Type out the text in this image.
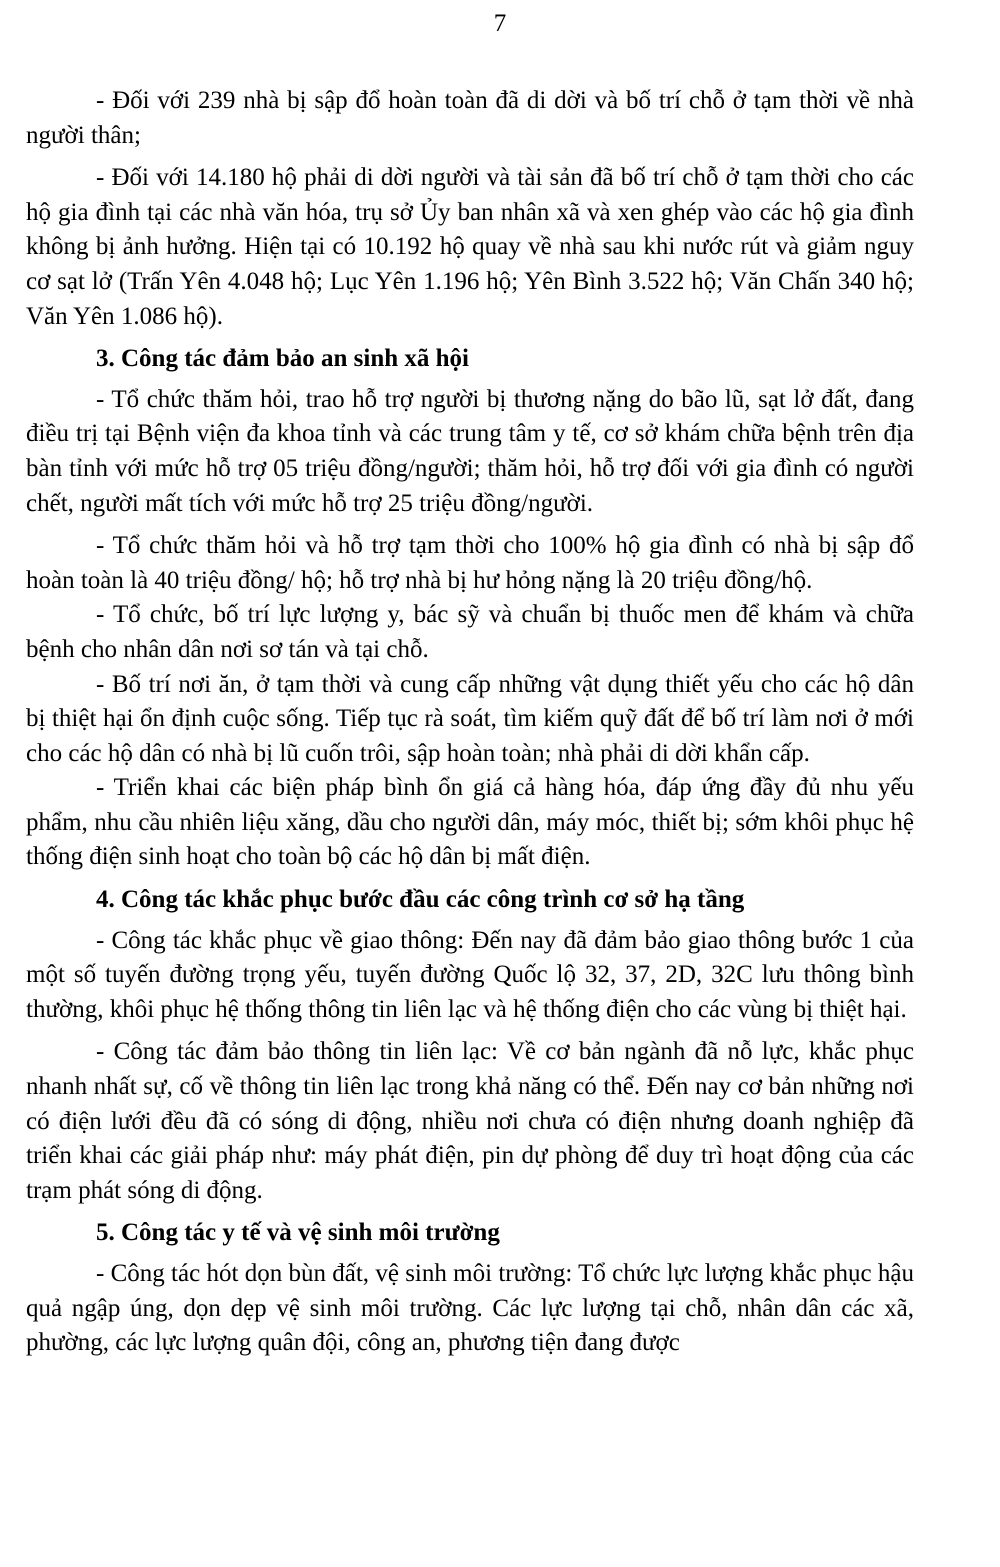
7

- Đối với 239 nhà bị sập đổ hoàn toàn đã di dời và bố trí chỗ ở tạm thời về nhà người thân;

- Đối với 14.180 hộ phải di dời người và tài sản đã bố trí chỗ ở tạm thời cho các hộ gia đình tại các nhà văn hóa, trụ sở Ủy ban nhân xã và xen ghép vào các hộ gia đình không bị ảnh hưởng. Hiện tại có 10.192 hộ quay về nhà sau khi nước rút và giảm nguy cơ sạt lở (Trấn Yên 4.048 hộ; Lục Yên 1.196 hộ; Yên Bình 3.522 hộ; Văn Chấn 340 hộ; Văn Yên 1.086 hộ).

3. Công tác đảm bảo an sinh xã hội

- Tổ chức thăm hỏi, trao hỗ trợ người bị thương nặng do bão lũ, sạt lở đất, đang điều trị tại Bệnh viện đa khoa tỉnh và các trung tâm y tế, cơ sở khám chữa bệnh trên địa bàn tỉnh với mức hỗ trợ 05 triệu đồng/người; thăm hỏi, hỗ trợ đối với gia đình có người chết, người mất tích với mức hỗ trợ 25 triệu đồng/người.

- Tổ chức thăm hỏi và hỗ trợ tạm thời cho 100% hộ gia đình có nhà bị sập đổ hoàn toàn là 40 triệu đồng/ hộ; hỗ trợ nhà bị hư hỏng nặng là 20 triệu đồng/hộ.

- Tổ chức, bố trí lực lượng y, bác sỹ và chuẩn bị thuốc men để khám và chữa bệnh cho nhân dân nơi sơ tán và tại chỗ.

- Bố trí nơi ăn, ở tạm thời và cung cấp những vật dụng thiết yếu cho các hộ dân bị thiệt hại ổn định cuộc sống. Tiếp tục rà soát, tìm kiếm quỹ đất để bố trí làm nơi ở mới cho các hộ dân có nhà bị lũ cuốn trôi, sập hoàn toàn; nhà phải di dời khẩn cấp.

- Triển khai các biện pháp bình ổn giá cả hàng hóa, đáp ứng đầy đủ nhu yếu phẩm, nhu cầu nhiên liệu xăng, dầu cho người dân, máy móc, thiết bị; sớm khôi phục hệ thống điện sinh hoạt cho toàn bộ các hộ dân bị mất điện.

4. Công tác khắc phục bước đầu các công trình cơ sở hạ tầng

- Công tác khắc phục về giao thông: Đến nay đã đảm bảo giao thông bước 1 của một số tuyến đường trọng yếu, tuyến đường Quốc lộ 32, 37, 2D, 32C lưu thông bình thường, khôi phục hệ thống thông tin liên lạc và hệ thống điện cho các vùng bị thiệt hại.

- Công tác đảm bảo thông tin liên lạc: Về cơ bản ngành đã nỗ lực, khắc phục nhanh nhất sự, cố về thông tin liên lạc trong khả năng có thể. Đến nay cơ bản những nơi có điện lưới đều đã có sóng di động, nhiều nơi chưa có điện nhưng doanh nghiệp đã triển khai các giải pháp như: máy phát điện, pin dự phòng để duy trì hoạt động của các trạm phát sóng di động.

5. Công tác y tế và vệ sinh môi trường

- Công tác hót dọn bùn đất, vệ sinh môi trường: Tổ chức lực lượng khắc phục hậu quả ngập úng, dọn dẹp vệ sinh môi trường. Các lực lượng tại chỗ, nhân dân các xã, phường, các lực lượng quân đội, công an, phương tiện đang được
